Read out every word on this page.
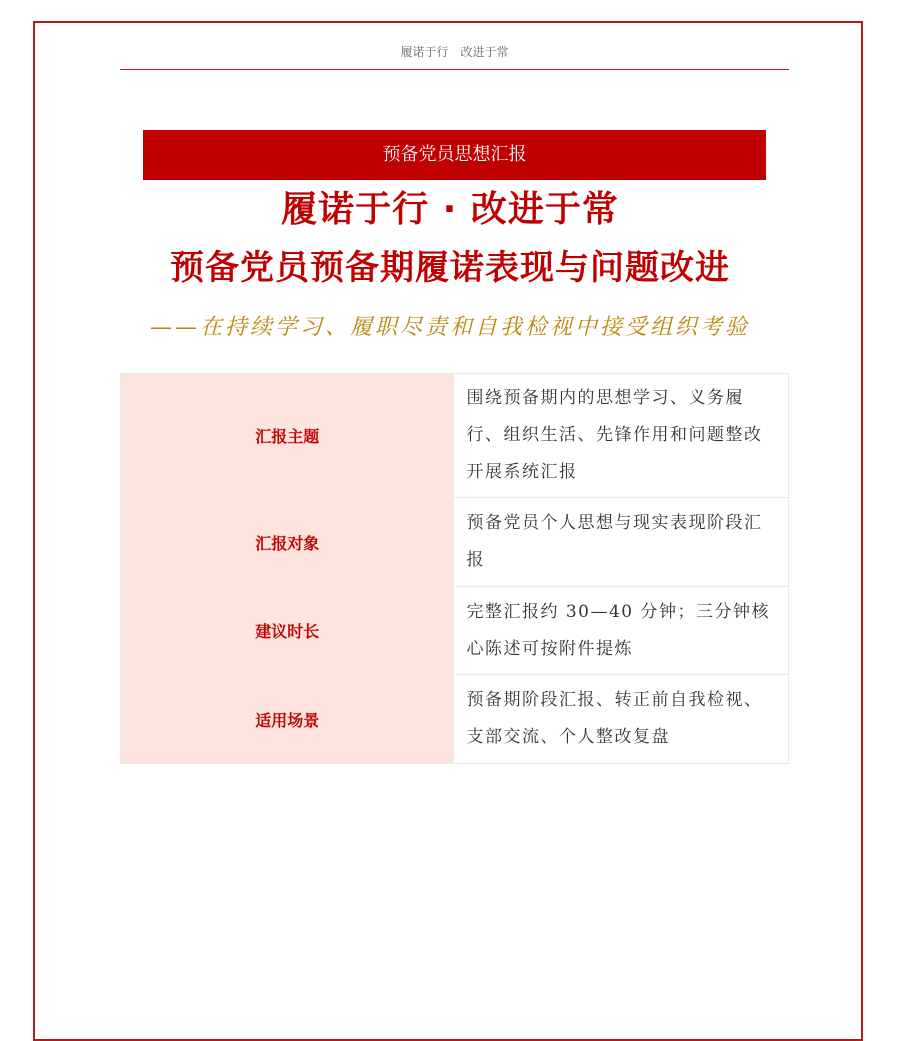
履诺于行　改进于常
预备党员思想汇报
履诺于行 · 改进于常
预备党员预备期履诺表现与问题改进
——在持续学习、履职尽责和自我检视中接受组织考验
汇报主题	围绕预备期内的思想学习、义务履行、组织生活、先锋作用和问题整改开展系统汇报
汇报对象	预备党员个人思想与现实表现阶段汇报
建议时长	完整汇报约 30—40 分钟；三分钟核心陈述可按附件提炼
适用场景	预备期阶段汇报、转正前自我检视、支部交流、个人整改复盘
